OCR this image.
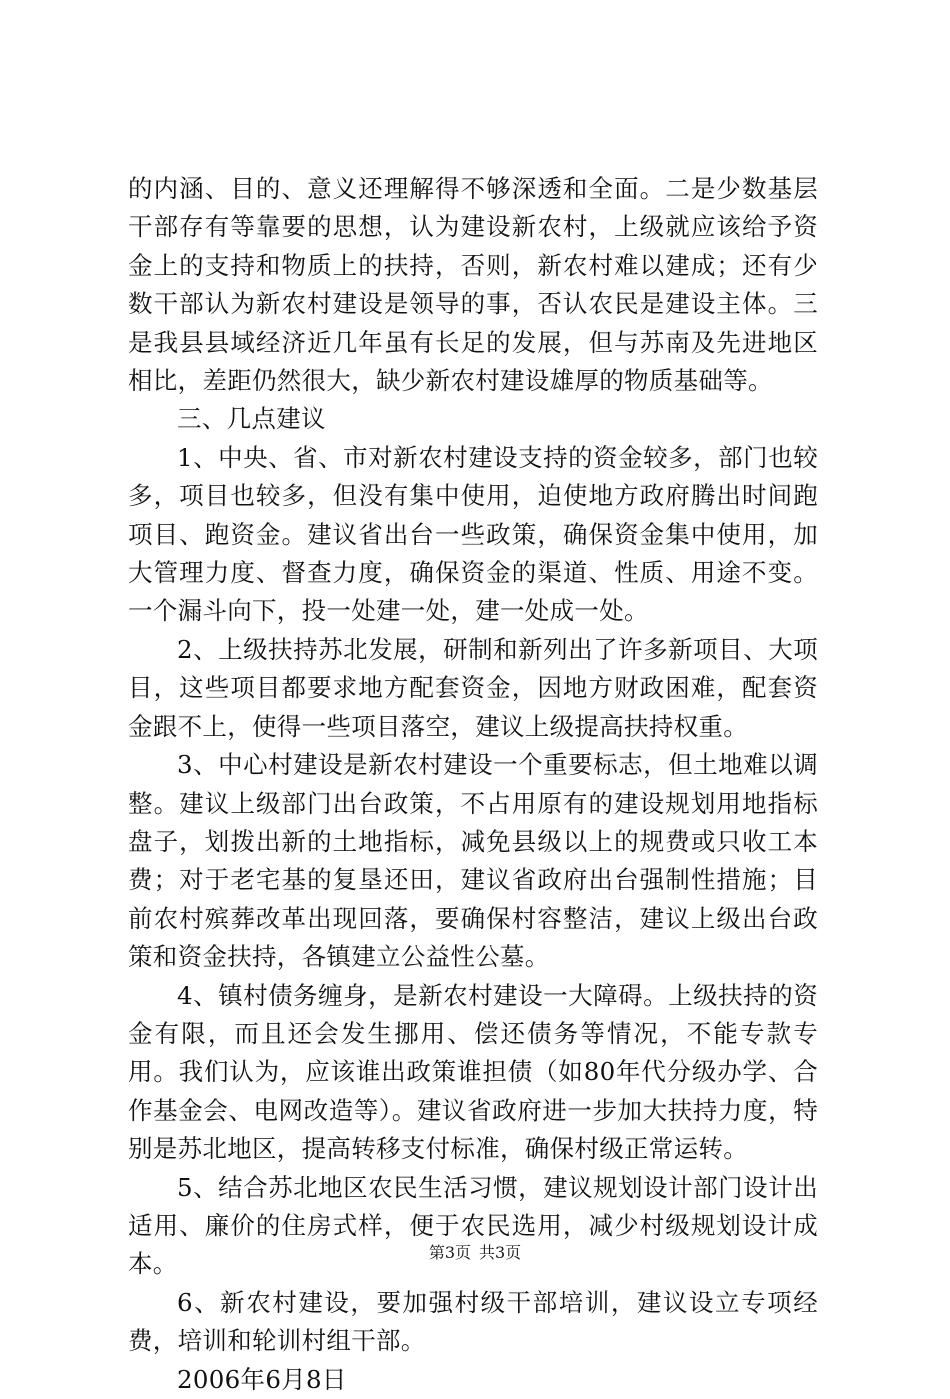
的内涵、目的、意义还理解得不够深透和全面。二是少数基层干部存有等靠要的思想，认为建设新农村，上级就应该给予资金上的支持和物质上的扶持，否则，新农村难以建成；还有少数干部认为新农村建设是领导的事，否认农民是建设主体。三是我县县域经济近几年虽有长足的发展，但与苏南及先进地区相比，差距仍然很大，缺少新农村建设雄厚的物质基础等。

三、几点建议

1、中央、省、市对新农村建设支持的资金较多，部门也较多，项目也较多，但没有集中使用，迫使地方政府腾出时间跑项目、跑资金。建议省出台一些政策，确保资金集中使用，加大管理力度、督查力度，确保资金的渠道、性质、用途不变。一个漏斗向下，投一处建一处，建一处成一处。

2、上级扶持苏北发展，研制和新列出了许多新项目、大项目，这些项目都要求地方配套资金，因地方财政困难，配套资金跟不上，使得一些项目落空，建议上级提高扶持权重。

3、中心村建设是新农村建设一个重要标志，但土地难以调整。建议上级部门出台政策，不占用原有的建设规划用地指标盘子，划拨出新的土地指标，减免县级以上的规费或只收工本费；对于老宅基的复垦还田，建议省政府出台强制性措施；目前农村殡葬改革出现回落，要确保村容整洁，建议上级出台政策和资金扶持，各镇建立公益性公墓。

4、镇村债务缠身，是新农村建设一大障碍。上级扶持的资金有限，而且还会发生挪用、偿还债务等情况，不能专款专用。我们认为，应该谁出政策谁担债（如80年代分级办学、合作基金会、电网改造等）。建议省政府进一步加大扶持力度，特别是苏北地区，提高转移支付标准，确保村级正常运转。

5、结合苏北地区农民生活习惯，建议规划设计部门设计出适用、廉价的住房式样，便于农民选用，减少村级规划设计成本。

6、新农村建设，要加强村级干部培训，建议设立专项经费，培训和轮训村组干部。

2006年6月8日

第3页 共3页
